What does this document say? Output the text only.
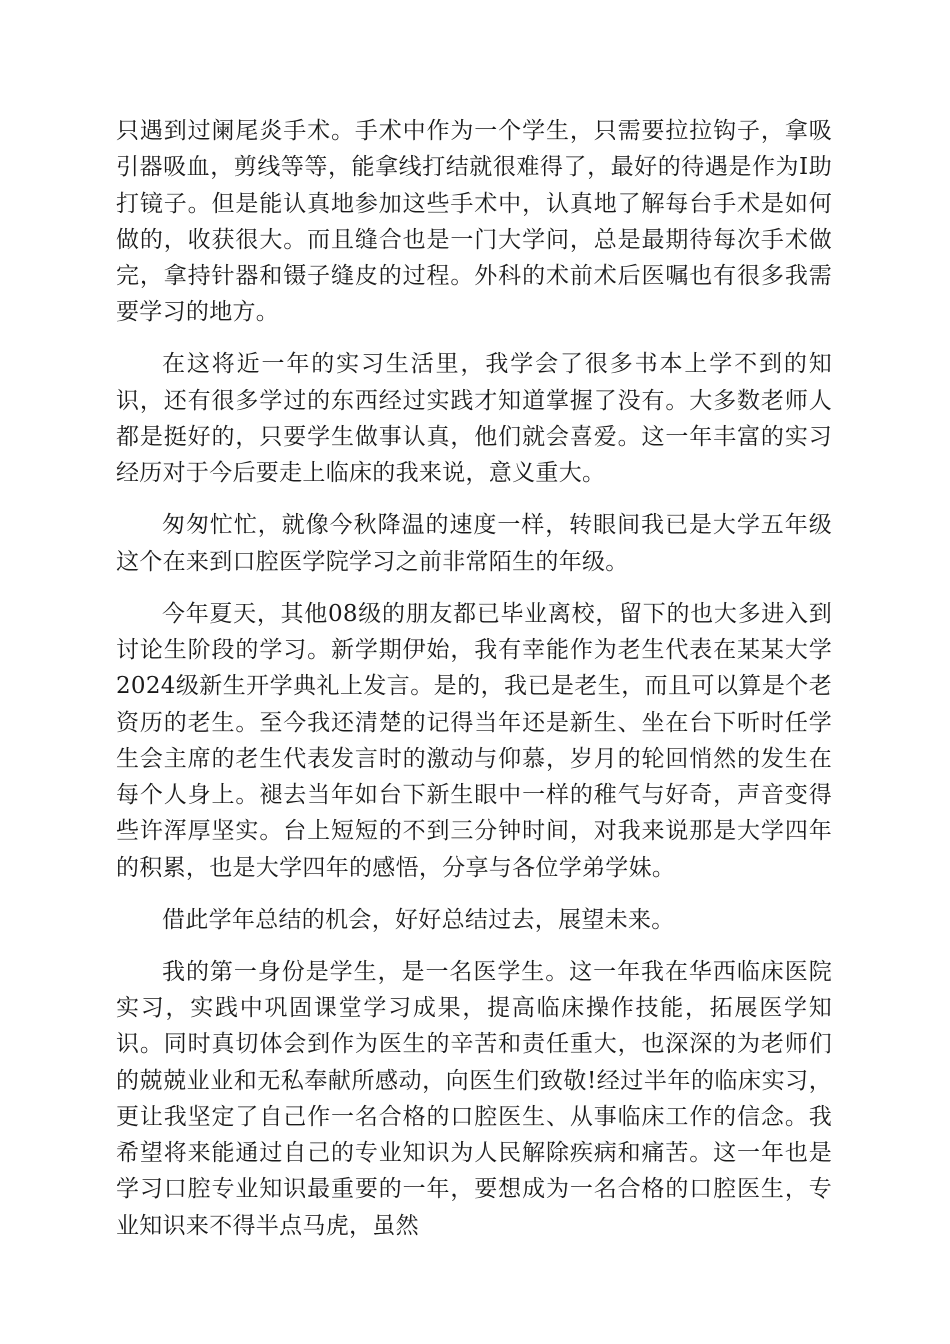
只遇到过阑尾炎手术。手术中作为一个学生，只需要拉拉钩子，拿吸引器吸血，剪线等等，能拿线打结就很难得了，最好的待遇是作为Ⅰ助打镜子。但是能认真地参加这些手术中，认真地了解每台手术是如何做的，收获很大。而且缝合也是一门大学问，总是最期待每次手术做完，拿持针器和镊子缝皮的过程。外科的术前术后医嘱也有很多我需要学习的地方。

在这将近一年的实习生活里，我学会了很多书本上学不到的知识，还有很多学过的东西经过实践才知道掌握了没有。大多数老师人都是挺好的，只要学生做事认真，他们就会喜爱。这一年丰富的实习经历对于今后要走上临床的我来说，意义重大。

匆匆忙忙，就像今秋降温的速度一样，转眼间我已是大学五年级这个在来到口腔医学院学习之前非常陌生的年级。

今年夏天，其他08级的朋友都已毕业离校，留下的也大多进入到讨论生阶段的学习。新学期伊始，我有幸能作为老生代表在某某大学2024级新生开学典礼上发言。是的，我已是老生，而且可以算是个老资历的老生。至今我还清楚的记得当年还是新生、坐在台下听时任学生会主席的老生代表发言时的激动与仰慕，岁月的轮回悄然的发生在每个人身上。褪去当年如台下新生眼中一样的稚气与好奇，声音变得些许浑厚坚实。台上短短的不到三分钟时间，对我来说那是大学四年的积累，也是大学四年的感悟，分享与各位学弟学妹。

借此学年总结的机会，好好总结过去，展望未来。

我的第一身份是学生，是一名医学生。这一年我在华西临床医院实习，实践中巩固课堂学习成果，提高临床操作技能，拓展医学知识。同时真切体会到作为医生的辛苦和责任重大，也深深的为老师们的兢兢业业和无私奉献所感动，向医生们致敬!经过半年的临床实习，更让我坚定了自己作一名合格的口腔医生、从事临床工作的信念。我希望将来能通过自己的专业知识为人民解除疾病和痛苦。这一年也是学习口腔专业知识最重要的一年，要想成为一名合格的口腔医生，专业知识来不得半点马虎，虽然
